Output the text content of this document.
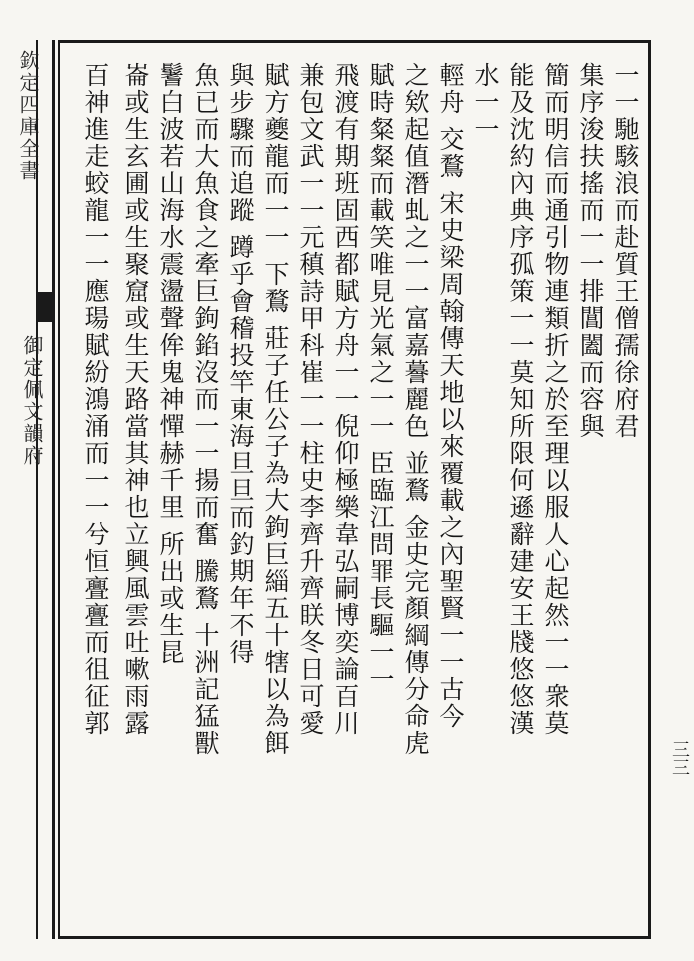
欽定四庫全書
御定佩文韻府
三三
一一馳駭浪而赴質王僧孺徐府君
集序浚扶搖而一一排閶闔而容與
簡而明信而通引物連類折之於至理以服人心起然一一衆莫
能及沈約內典序孤策一一莫知所限何遜辭建安王牋悠悠漢
水一一
輕舟 交鶩 宋史梁周翰傳天地以來覆載之內聖賢一一古今
之欸起值潛虬之一一富嘉謩麗色 並鶩 金史完顏綱傳分命虎
賦時粲粲而載笑唯見光氣之一一 臣臨江問罪長驅一一
飛渡有期班固西都賦方舟一一倪仰極樂韋弘嗣博奕論百川
兼包文武一一元稹詩甲科崔一一柱史李齊升齊眹冬日可愛
賦方夔龍而一一 下鶩 莊子任公子為大鉤巨緇五十犗以為餌
與步驟而追蹤 蹲乎會稽投竿東海旦旦而釣期年不得
魚已而大魚食之牽巨鉤錎沒而一一揚而奮 騰鶩 十洲記猛獸
鬐白波若山海水震盪聲侔鬼神憚赫千里 所出或生昆
崙或生玄圃或生聚窟或生天路當其神也立興風雲吐嗽雨露
百神進走蛟龍一一應瑒賦紛鴻涌而一一兮恒亹亹而徂征郭
